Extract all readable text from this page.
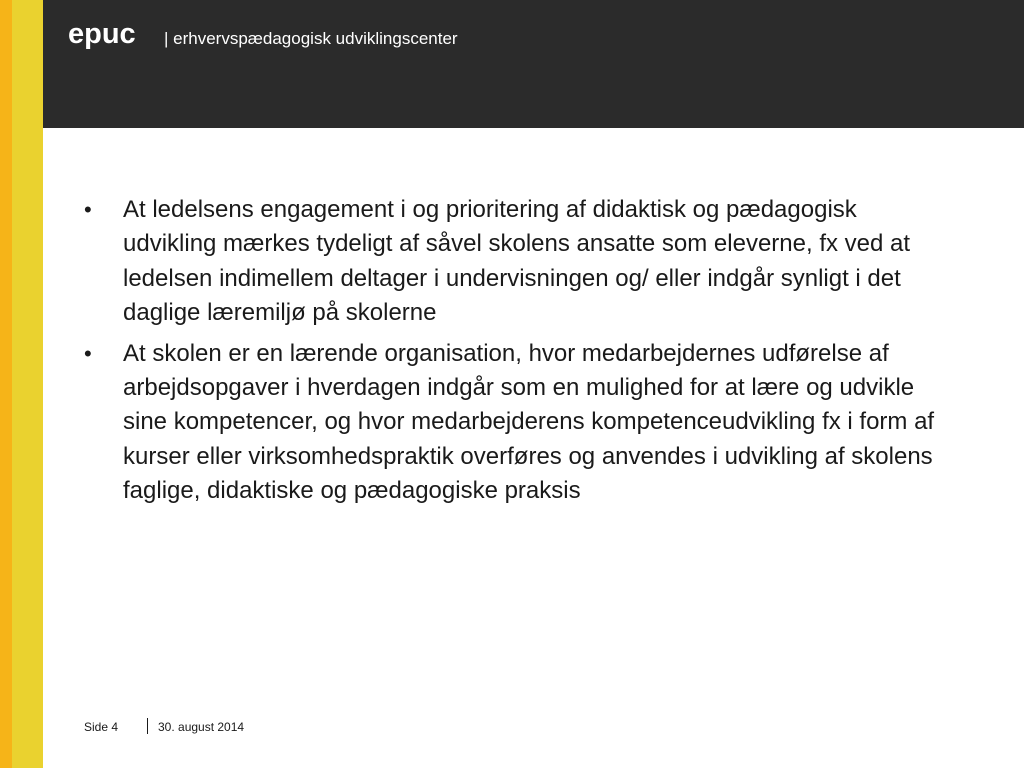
epuc | erhvervspædagogisk udviklingscenter
•	At ledelsens engagement i og prioritering af didaktisk og pædagogisk udvikling mærkes tydeligt af såvel skolens ansatte som eleverne, fx ved at ledelsen indimellem deltager i undervisningen og/ eller indgår synligt i det daglige læremiljø på skolerne
•	At skolen er en lærende organisation, hvor medarbejdernes udførelse af arbejdsopgaver i hverdagen indgår som en mulighed for at lære og udvikle sine kompetencer, og hvor medarbejderens kompetenceudvikling fx i form af kurser eller virksomhedspraktik overføres og anvendes i udvikling af skolens faglige, didaktiske og pædagogiske praksis
Side 4	30. august 2014
